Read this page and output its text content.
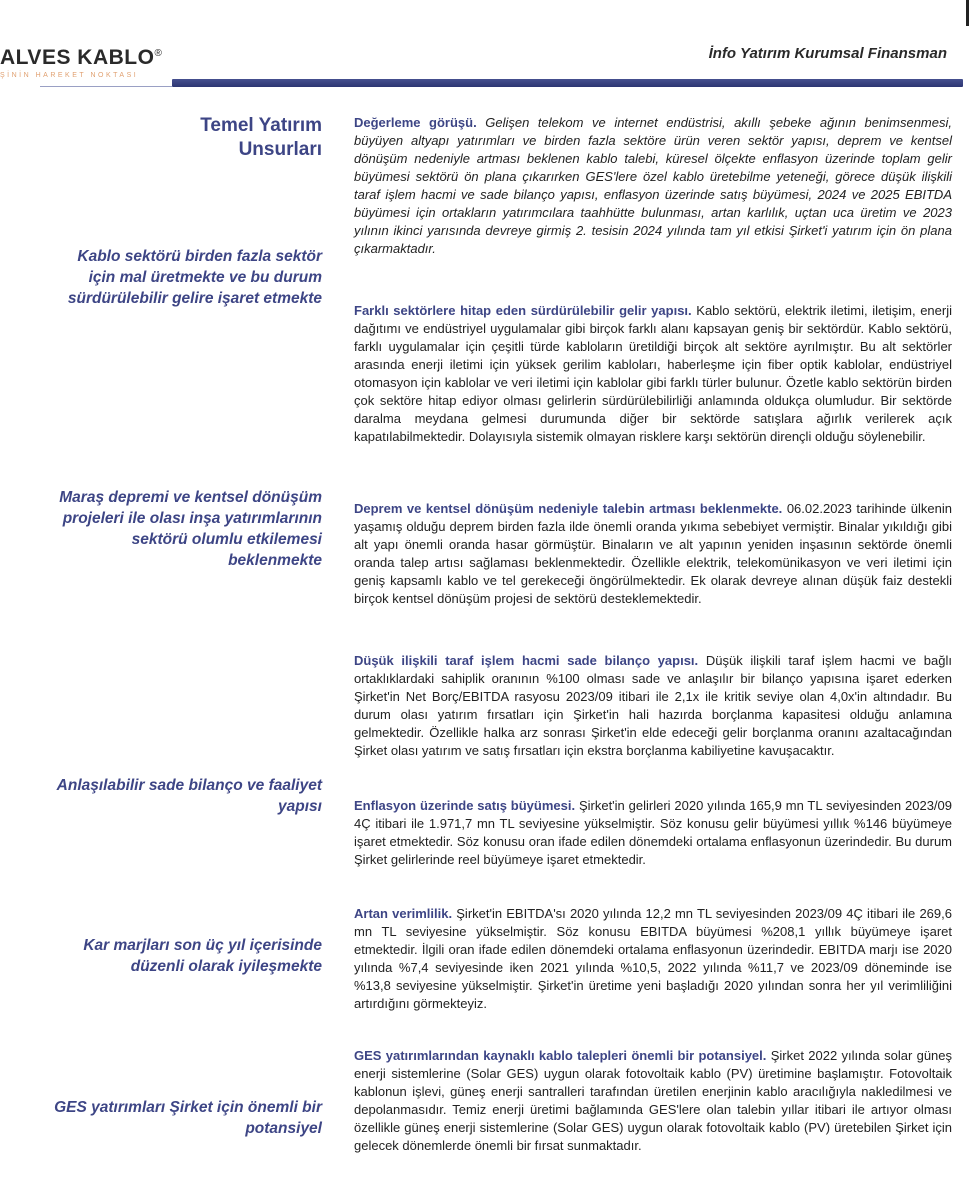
ALVES KABLO®
ŞİNİN HAREKET NOKTASI
İnfo Yatırım Kurumsal Finansman
Temel Yatırım
Unsurları
Kablo sektörü birden fazla sektör
için mal üretmekte ve bu durum
sürdürülebilir gelire işaret etmekte
Maraş depremi ve kentsel dönüşüm
projeleri ile olası inşa yatırımlarının
sektörü olumlu etkilemesi
beklenmekte
Anlaşılabilir sade bilanço ve faaliyet
yapısı
Kar marjları son üç yıl içerisinde
düzenli olarak iyileşmekte
GES yatırımları Şirket için önemli bir
potansiyel

Değerleme görüşü. Gelişen telekom ve internet endüstrisi, akıllı şebeke ağının benimsenmesi, büyüyen altyapı yatırımları ve birden fazla sektöre ürün veren sektör yapısı, deprem ve kentsel dönüşüm nedeniyle artması beklenen kablo talebi, küresel ölçekte enflasyon üzerinde toplam gelir büyümesi sektörü ön plana çıkarırken GES'lere özel kablo üretebilme yeteneği, görece düşük ilişkili taraf işlem hacmi ve sade bilanço yapısı, enflasyon üzerinde satış büyümesi, 2024 ve 2025 EBITDA büyümesi için ortakların yatırımcılara taahhütte bulunması, artan karlılık, uçtan uca üretim ve 2023 yılının ikinci yarısında devreye girmiş 2. tesisin 2024 yılında tam yıl etkisi Şirket'i yatırım için ön plana çıkarmaktadır.

Farklı sektörlere hitap eden sürdürülebilir gelir yapısı. Kablo sektörü, elektrik iletimi, iletişim, enerji dağıtımı ve endüstriyel uygulamalar gibi birçok farklı alanı kapsayan geniş bir sektördür. Kablo sektörü, farklı uygulamalar için çeşitli türde kabloların üretildiği birçok alt sektöre ayrılmıştır. Bu alt sektörler arasında enerji iletimi için yüksek gerilim kabloları, haberleşme için fiber optik kablolar, endüstriyel otomasyon için kablolar ve veri iletimi için kablolar gibi farklı türler bulunur. Özetle kablo sektörün birden çok sektöre hitap ediyor olması gelirlerin sürdürülebilirliği anlamında oldukça olumludur. Bir sektörde daralma meydana gelmesi durumunda diğer bir sektörde satışlara ağırlık verilerek açık kapatılabilmektedir. Dolayısıyla sistemik olmayan risklere karşı sektörün dirençli olduğu söylenebilir.

Deprem ve kentsel dönüşüm nedeniyle talebin artması beklenmekte. 06.02.2023 tarihinde ülkenin yaşamış olduğu deprem birden fazla ilde önemli oranda yıkıma sebebiyet vermiştir. Binalar yıkıldığı gibi alt yapı önemli oranda hasar görmüştür. Binaların ve alt yapının yeniden inşasının sektörde önemli oranda talep artısı sağlaması beklenmektedir. Özellikle elektrik, telekomünikasyon ve veri iletimi için geniş kapsamlı kablo ve tel gerekeceği öngörülmektedir. Ek olarak devreye alınan düşük faiz destekli birçok kentsel dönüşüm projesi de sektörü desteklemektedir.

Düşük ilişkili taraf işlem hacmi sade bilanço yapısı. Düşük ilişkili taraf işlem hacmi ve bağlı ortaklıklardaki sahiplik oranının %100 olması sade ve anlaşılır bir bilanço yapısına işaret ederken Şirket'in Net Borç/EBITDA rasyosu 2023/09 itibari ile 2,1x ile kritik seviye olan 4,0x'in altındadır. Bu durum olası yatırım fırsatları için Şirket'in hali hazırda borçlanma kapasitesi olduğu anlamına gelmektedir. Özellikle halka arz sonrası Şirket'in elde edeceği gelir borçlanma oranını azaltacağından Şirket olası yatırım ve satış fırsatları için ekstra borçlanma kabiliyetine kavuşacaktır.

Enflasyon üzerinde satış büyümesi. Şirket'in gelirleri 2020 yılında 165,9 mn TL seviyesinden 2023/09 4Ç itibari ile 1.971,7 mn TL seviyesine yükselmiştir. Söz konusu gelir büyümesi yıllık %146 büyümeye işaret etmektedir. Söz konusu oran ifade edilen dönemdeki ortalama enflasyonun üzerindedir. Bu durum Şirket gelirlerinde reel büyümeye işaret etmektedir.

Artan verimlilik. Şirket'in EBITDA'sı 2020 yılında 12,2 mn TL seviyesinden 2023/09 4Ç itibari ile 269,6 mn TL seviyesine yükselmiştir. Söz konusu EBITDA büyümesi %208,1 yıllık büyümeye işaret etmektedir. İlgili oran ifade edilen dönemdeki ortalama enflasyonun üzerindedir. EBITDA marjı ise 2020 yılında %7,4 seviyesinde iken 2021 yılında %10,5, 2022 yılında %11,7 ve 2023/09 döneminde ise %13,8 seviyesine yükselmiştir. Şirket'in üretime yeni başladığı 2020 yılından sonra her yıl verimliliğini artırdığını görmekteyiz.

GES yatırımlarından kaynaklı kablo talepleri önemli bir potansiyel. Şirket 2022 yılında solar güneş enerji sistemlerine (Solar GES) uygun olarak fotovoltaik kablo (PV) üretimine başlamıştır. Fotovoltaik kablonun işlevi, güneş enerji santralleri tarafından üretilen enerjinin kablo aracılığıyla nakledilmesi ve depolanmasıdır. Temiz enerji üretimi bağlamında GES'lere olan talebin yıllar itibari ile artıyor olması özellikle güneş enerji sistemlerine (Solar GES) uygun olarak fotovoltaik kablo (PV) üretebilen Şirket için gelecek dönemlerde önemli bir fırsat sunmaktadır.
